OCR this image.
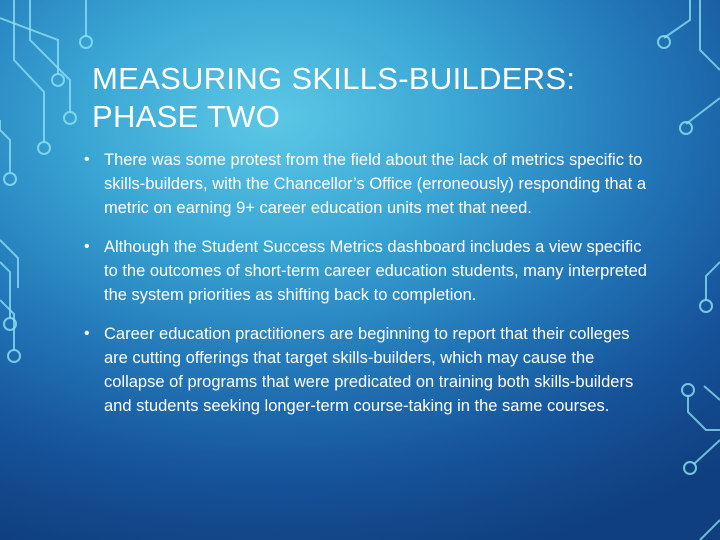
MEASURING SKILLS-BUILDERS:
PHASE TWO
• There was some protest from the field about the lack of metrics specific to skills-builders, with the Chancellor’s Office (erroneously) responding that a metric on earning 9+ career education units met that need.
• Although the Student Success Metrics dashboard includes a view specific to the outcomes of short-term career education students, many interpreted the system priorities as shifting back to completion.
• Career education practitioners are beginning to report that their colleges are cutting offerings that target skills-builders, which may cause the collapse of programs that were predicated on training both skills-builders and students seeking longer-term course-taking in the same courses.
